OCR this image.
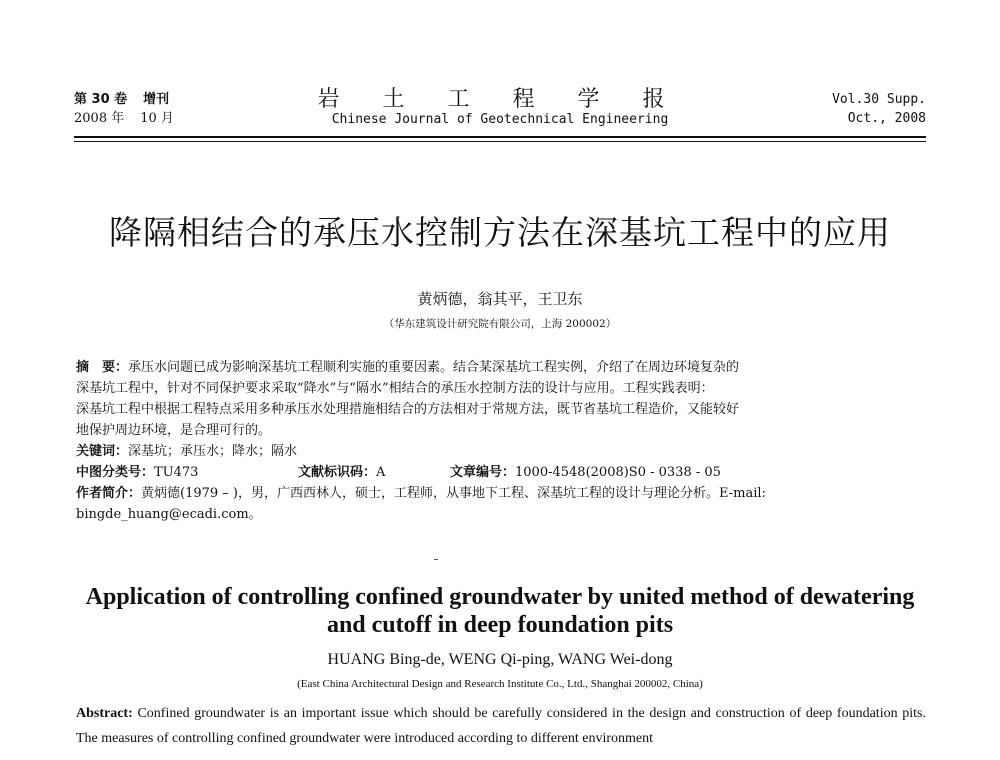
第 30 卷 增刊
2008 年 10 月
岩 土 工 程 学 报
Chinese Journal of Geotechnical Engineering
Vol.30 Supp.
Oct., 2008
降隔相结合的承压水控制方法在深基坑工程中的应用
黄炳德，翁其平，王卫东
（华东建筑设计研究院有限公司，上海 200002）

摘　要：承压水问题已成为影响深基坑工程顺利实施的重要因素。结合某深基坑工程实例，介绍了在周边环境复杂的

深基坑工程中，针对不同保护要求采取“降水”与“隔水”相结合的承压水控制方法的设计与应用。工程实践表明：

深基坑工程中根据工程特点采用多种承压水处理措施相结合的方法相对于常规方法，既节省基坑工程造价，又能较好

地保护周边环境，是合理可行的。

关键词：深基坑；承压水；降水；隔水

中图分类号：TU473	文献标识码：A	文章编号：1000-4548(2008)S0 - 0338 - 05

作者简介：黄炳德(1979 – )，男，广西西林人，硕士，工程师，从事地下工程、深基坑工程的设计与理论分析。E-mail:

bingde_huang@ecadi.com。

Application of controlling confined groundwater by united method of dewatering
and cutoff in deep foundation pits
HUANG Bing-de, WENG Qi-ping, WANG Wei-dong
(East China Architectural Design and Research Institute Co., Ltd., Shanghai 200002, China)

Abstract: Confined groundwater is an important issue which should be carefully considered in the design and construction of deep foundation pits. The measures of controlling confined groundwater were introduced according to different environment
